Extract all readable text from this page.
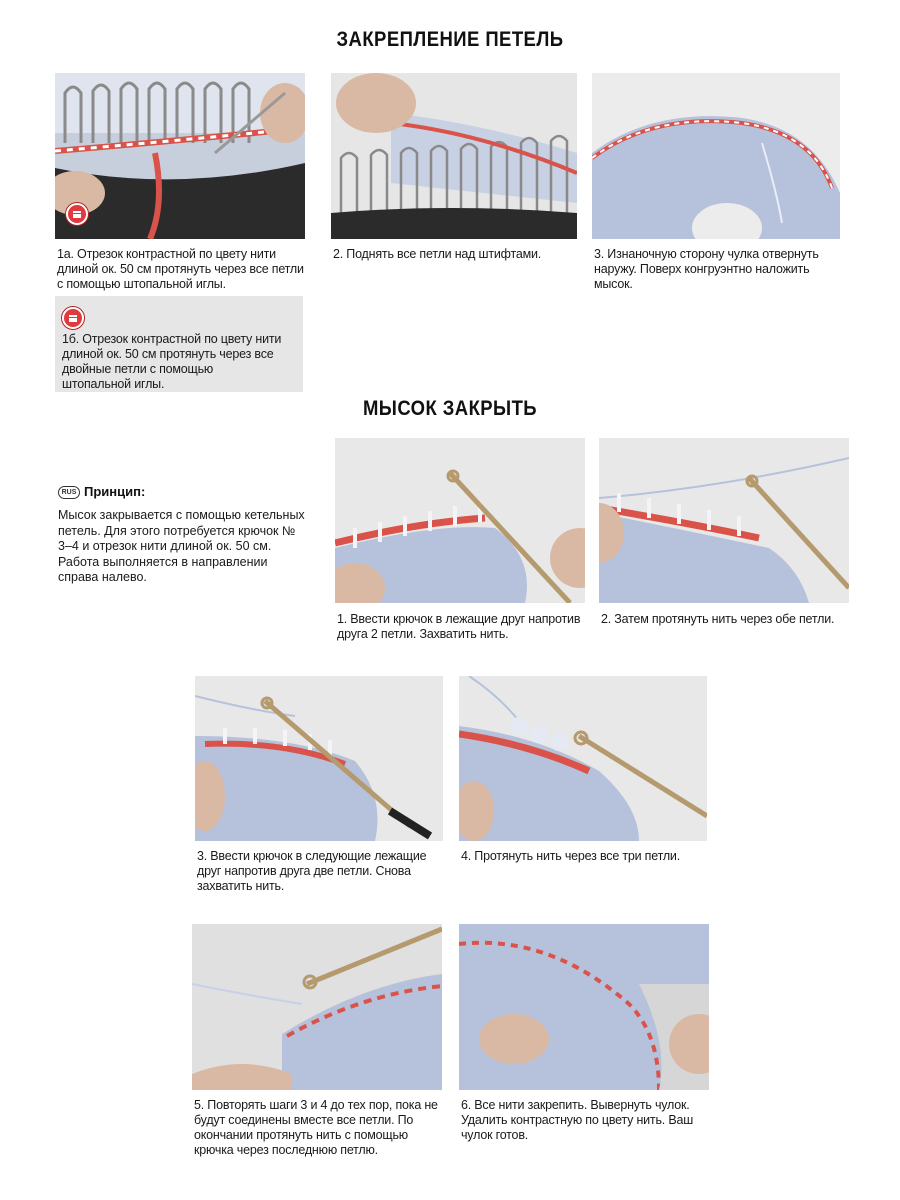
ЗАКРЕПЛЕНИЕ ПЕТЕЛЬ
1а. Отрезок контрастной по цвету нити длиной ок. 50 см протянуть через все петли с помощью штопальной иглы.
1б. Отрезок контрастной по цвету нити длиной ок. 50 см протянуть через все двойные петли с помощью штопальной иглы.
2. Поднять все петли над штифтами.	3. Изнаночную сторону чулка отвернуть наружу. Поверх конгруэнтно наложить мысок.
МЫСОК ЗАКРЫТЬ
RUS Принцип:
Мысок закрывается с помощью кетельных петель. Для этого потребуется крючок № 3–4 и отрезок нити длиной ок. 50 см. Работа выполняется в направлении справа налево.
1. Ввести крючок в лежащие друг напротив друга 2 петли. Захватить нить.
2. Затем протянуть нить через обе петли.
3. Ввести крючок в следующие лежащие друг напротив друга две петли. Снова захватить нить.
4. Протянуть нить через все три петли.
5. Повторять шаги 3 и 4 до тех пор, пока не будут соединены вместе все петли. По окончании протянуть нить с помощью крючка через последнюю петлю.
6. Все нити закрепить. Вывернуть чулок. Удалить контрастную по цвету нить. Ваш чулок готов.
